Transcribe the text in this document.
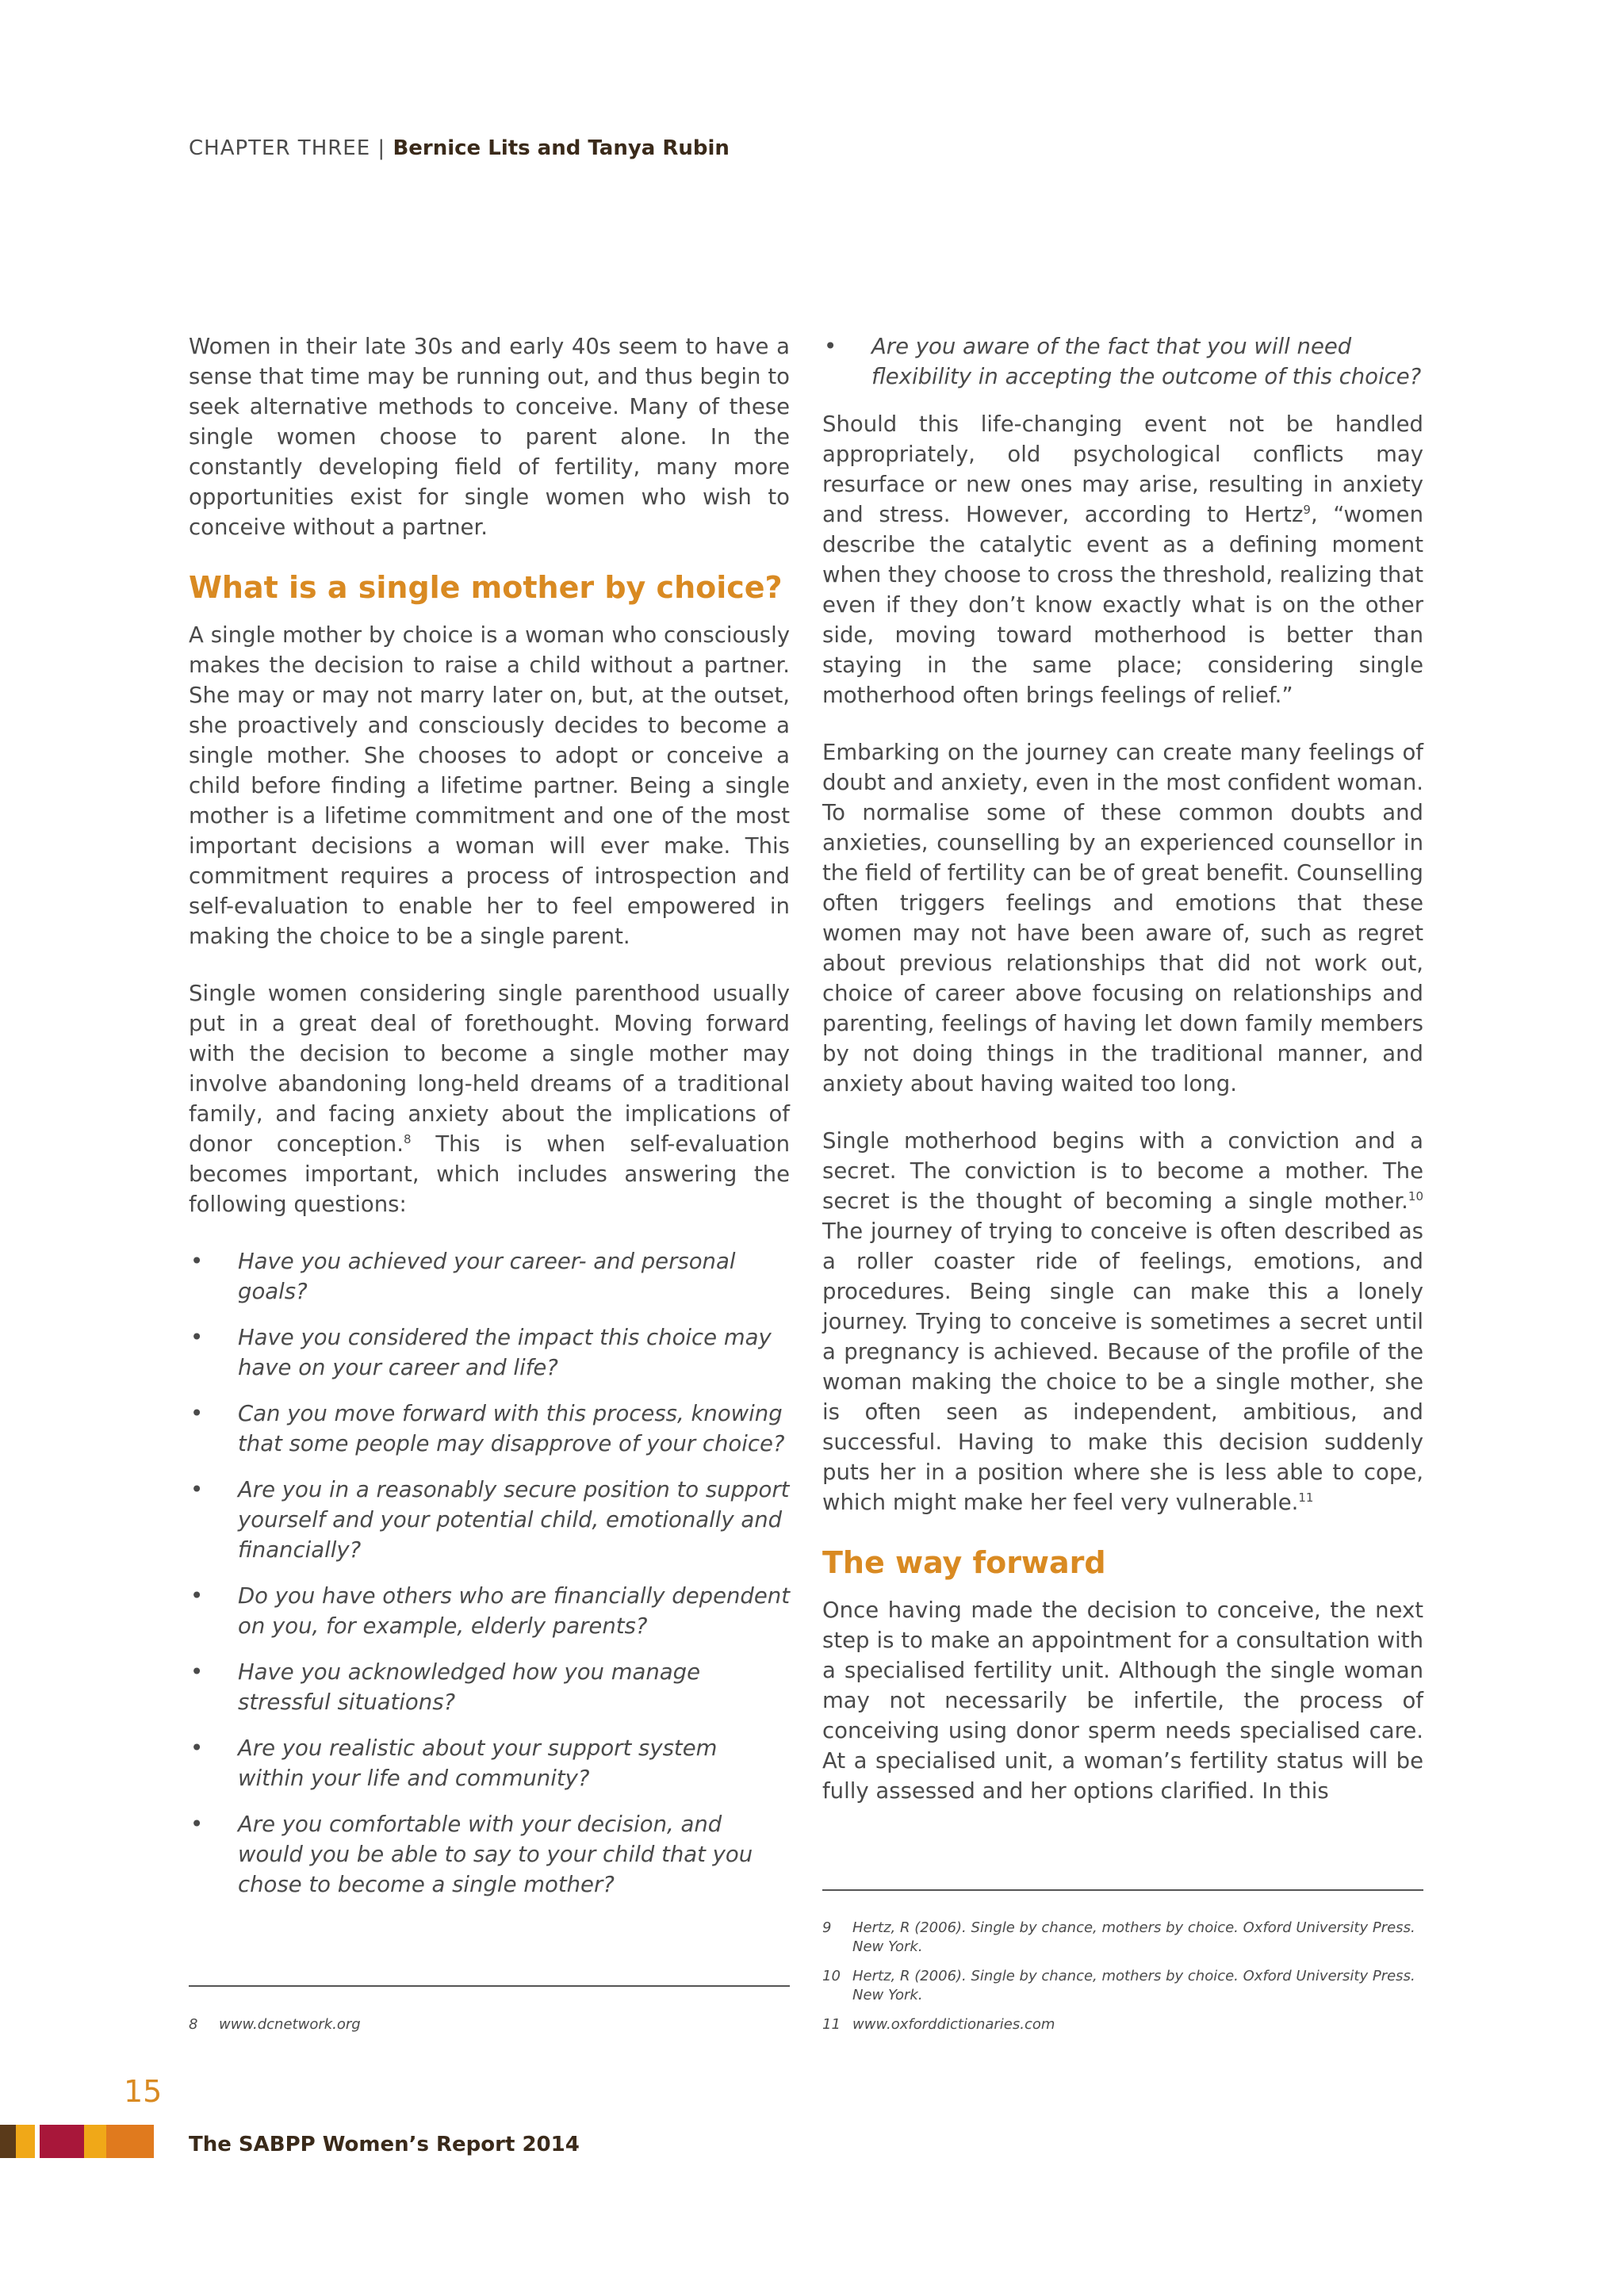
CHAPTER THREE | Bernice Lits and Tanya Rubin

Women in their late 30s and early 40s seem to have a sense that time may be running out, and thus begin to seek alternative methods to conceive. Many of these single women choose to parent alone. In the constantly developing field of fertility, many more opportunities exist for single women who wish to conceive without a partner.

What is a single mother by choice?

A single mother by choice is a woman who consciously makes the decision to raise a child without a partner. She may or may not marry later on, but, at the outset, she proactively and consciously decides to become a single mother. She chooses to adopt or conceive a child before finding a lifetime partner. Being a single mother is a lifetime commitment and one of the most important decisions a woman will ever make. This commitment requires a process of introspection and self-evaluation to enable her to feel empowered in making the choice to be a single parent.

Single women considering single parenthood usually put in a great deal of forethought. Moving forward with the decision to become a single mother may involve abandoning long-held dreams of a traditional family, and facing anxiety about the implications of donor conception.$^8$ This is when self-evaluation becomes important, which includes answering the following questions:

• Have you achieved your career- and personal goals?
• Have you considered the impact this choice may have on your career and life?
• Can you move forward with this process, knowing that some people may disapprove of your choice?
• Are you in a reasonably secure position to support yourself and your potential child, emotionally and financially?
• Do you have others who are financially dependent on you, for example, elderly parents?
• Have you acknowledged how you manage stressful situations?
• Are you realistic about your support system within your life and community?
• Are you comfortable with your decision, and would you be able to say to your child that you chose to become a single mother?
• Are you aware of the fact that you will need flexibility in accepting the outcome of this choice?

Should this life-changing event not be handled appropriately, old psychological conflicts may resurface or new ones may arise, resulting in anxiety and stress. However, according to Hertz$^9$, “women describe the catalytic event as a defining moment when they choose to cross the threshold, realizing that even if they don’t know exactly what is on the other side, moving toward motherhood is better than staying in the same place; considering single motherhood often brings feelings of relief.”

Embarking on the journey can create many feelings of doubt and anxiety, even in the most confident woman. To normalise some of these common doubts and anxieties, counselling by an experienced counsellor in the field of fertility can be of great benefit. Counselling often triggers feelings and emotions that these women may not have been aware of, such as regret about previous relationships that did not work out, choice of career above focusing on relationships and parenting, feelings of having let down family members by not doing things in the traditional manner, and anxiety about having waited too long.

Single motherhood begins with a conviction and a secret. The conviction is to become a mother. The secret is the thought of becoming a single mother.$^{10}$ The journey of trying to conceive is often described as a roller coaster ride of feelings, emotions, and procedures. Being single can make this a lonely journey. Trying to conceive is sometimes a secret until a pregnancy is achieved. Because of the profile of the woman making the choice to be a single mother, she is often seen as independent, ambitious, and successful. Having to make this decision suddenly puts her in a position where she is less able to cope, which might make her feel very vulnerable.$^{11}$

The way forward

Once having made the decision to conceive, the next step is to make an appointment for a consultation with a specialised fertility unit. Although the single woman may not necessarily be infertile, the process of conceiving using donor sperm needs specialised care. At a specialised unit, a woman’s fertility status will be fully assessed and her options clarified. In this

9	Hertz, R (2006). Single by chance, mothers by choice. Oxford University Press. New York.
10 Hertz, R (2006). Single by chance, mothers by choice. Oxford University Press. New York.
11 www.oxforddictionaries.com
8	www.dcnetwork.org
15
The SABPP Women’s Report 2014
